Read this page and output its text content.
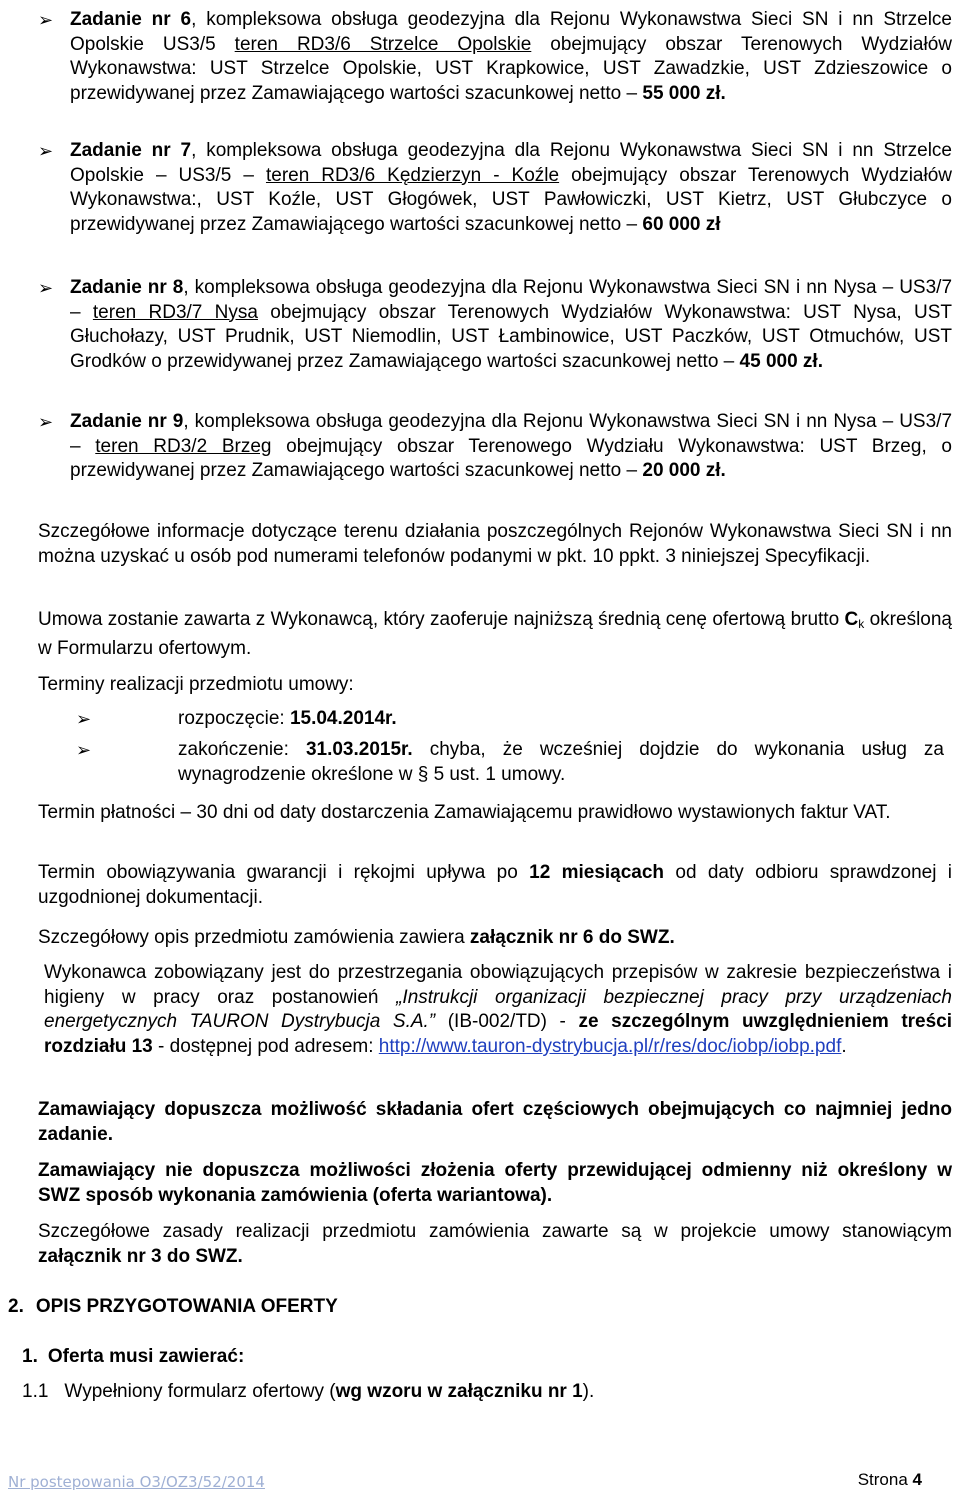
➢ Zadanie nr 6, kompleksowa obsługa geodezyjna dla Rejonu Wykonawstwa Sieci SN i nn Strzelce Opolskie US3/5 teren RD3/6 Strzelce Opolskie obejmujący obszar Terenowych Wydziałów Wykonawstwa: UST Strzelce Opolskie, UST Krapkowice, UST Zawadzkie, UST Zdzieszowice o przewidywanej przez Zamawiającego wartości szacunkowej netto – 55 000 zł.

➢ Zadanie nr 7, kompleksowa obsługa geodezyjna dla Rejonu Wykonawstwa Sieci SN i nn Strzelce Opolskie – US3/5 – teren RD3/6 Kędzierzyn - Koźle obejmujący obszar Terenowych Wydziałów Wykonawstwa:, UST Koźle, UST Głogówek, UST Pawłowiczki, UST Kietrz, UST Głubczyce o przewidywanej przez Zamawiającego wartości szacunkowej netto – 60 000 zł

➢ Zadanie nr 8, kompleksowa obsługa geodezyjna dla Rejonu Wykonawstwa Sieci SN i nn Nysa – US3/7 – teren RD3/7 Nysa obejmujący obszar Terenowych Wydziałów Wykonawstwa: UST Nysa, UST Głuchołazy, UST Prudnik, UST Niemodlin, UST Łambinowice, UST Paczków, UST Otmuchów, UST Grodków o przewidywanej przez Zamawiającego wartości szacunkowej netto – 45 000 zł.

➢ Zadanie nr 9, kompleksowa obsługa geodezyjna dla Rejonu Wykonawstwa Sieci SN i nn Nysa – US3/7 – teren RD3/2 Brzeg obejmujący obszar Terenowego Wydziału Wykonawstwa: UST Brzeg, o przewidywanej przez Zamawiającego wartości szacunkowej netto – 20 000 zł.

Szczegółowe informacje dotyczące terenu działania poszczególnych Rejonów Wykonawstwa Sieci SN i nn można uzyskać u osób pod numerami telefonów podanymi w pkt. 10 ppkt. 3 niniejszej Specyfikacji.

Umowa zostanie zawarta z Wykonawcą, który zaoferuje najniższą średnią cenę ofertową brutto $C_k$ określoną w Formularzu ofertowym.

Terminy realizacji przedmiotu umowy:

➢	rozpoczęcie: 15.04.2014r.

➢	zakończenie: 31.03.2015r. chyba, że wcześniej dojdzie do wykonania usług za wynagrodzenie określone w § 5 ust. 1 umowy.

Termin płatności – 30 dni od daty dostarczenia Zamawiającemu prawidłowo wystawionych faktur VAT.

Termin obowiązywania gwarancji i rękojmi upływa po 12 miesiącach od daty odbioru sprawdzonej i uzgodnionej dokumentacji.

Szczegółowy opis przedmiotu zamówienia zawiera załącznik nr 6 do SWZ.

Wykonawca zobowiązany jest do przestrzegania obowiązujących przepisów w zakresie bezpieczeństwa i higieny w pracy oraz postanowień „Instrukcji organizacji bezpiecznej pracy przy urządzeniach energetycznych TAURON Dystrybucja S.A.” (IB-002/TD) - ze szczególnym uwzględnieniem treści rozdziału 13 - dostępnej pod adresem: http://www.tauron-dystrybucja.pl/r/res/doc/iobp/iobp.pdf.

Zamawiający dopuszcza możliwość składania ofert częściowych obejmujących co najmniej jedno zadanie.

Zamawiający nie dopuszcza możliwości złożenia oferty przewidującej odmienny niż określony w SWZ sposób wykonania zamówienia (oferta wariantowa).

Szczegółowe zasady realizacji przedmiotu zamówienia zawarte są w projekcie umowy stanowiącym załącznik nr 3 do SWZ.

2. OPIS PRZYGOTOWANIA OFERTY
1. Oferta musi zawierać:
1.1 Wypełniony formularz ofertowy (wg wzoru w załączniku nr 1).
Nr postepowania O3/OZ3/52/2014	Strona 4
